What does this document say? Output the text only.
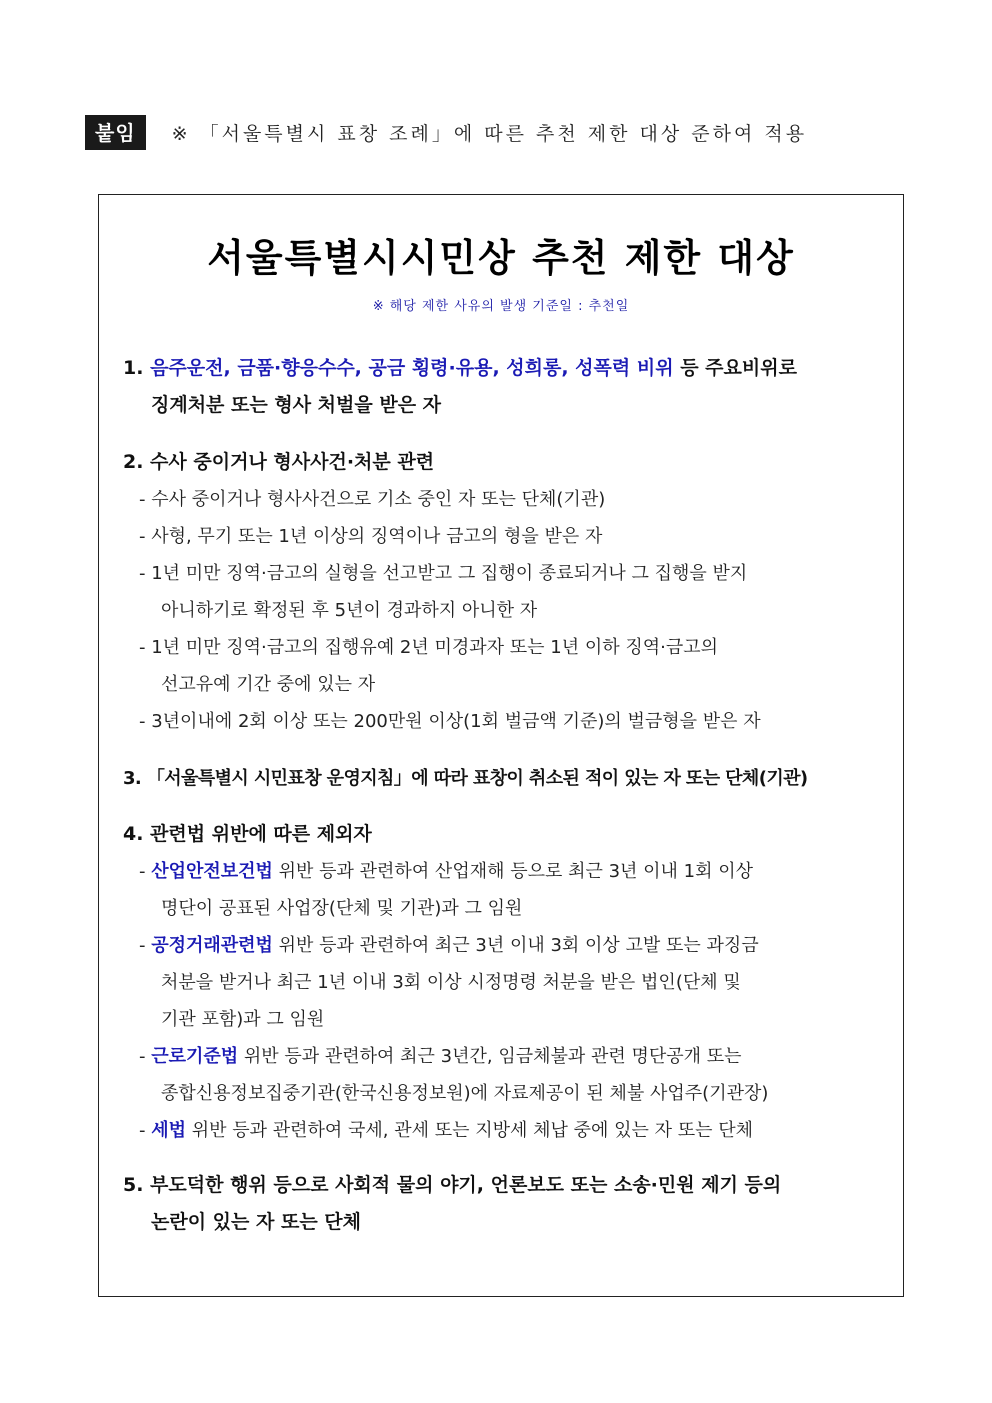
붙임	※ 「서울특별시 표창 조례」에 따른 추천 제한 대상 준하여 적용
서울특별시시민상 추천 제한 대상
※ 해당 제한 사유의 발생 기준일 : 추천일
1. 음주운전, 금품·향응수수, 공금 횡령·유용, 성희롱, 성폭력 비위 등 주요비위로
징계처분 또는 형사 처벌을 받은 자
2. 수사 중이거나 형사사건·처분 관련
- 수사 중이거나 형사사건으로 기소 중인 자 또는 단체(기관)
- 사형, 무기 또는 1년 이상의 징역이나 금고의 형을 받은 자
- 1년 미만 징역·금고의 실형을 선고받고 그 집행이 종료되거나 그 집행을 받지
아니하기로 확정된 후 5년이 경과하지 아니한 자
- 1년 미만 징역·금고의 집행유예 2년 미경과자 또는 1년 이하 징역·금고의
선고유예 기간 중에 있는 자
- 3년이내에 2회 이상 또는 200만원 이상(1회 벌금액 기준)의 벌금형을 받은 자
3. 「서울특별시 시민표창 운영지침」에 따라 표창이 취소된 적이 있는 자 또는 단체(기관)
4. 관련법 위반에 따른 제외자
- 산업안전보건법 위반 등과 관련하여 산업재해 등으로 최근 3년 이내 1회 이상
명단이 공표된 사업장(단체 및 기관)과 그 임원
- 공정거래관련법 위반 등과 관련하여 최근 3년 이내 3회 이상 고발 또는 과징금
처분을 받거나 최근 1년 이내 3회 이상 시정명령 처분을 받은 법인(단체 및
기관 포함)과 그 임원
- 근로기준법 위반 등과 관련하여 최근 3년간, 임금체불과 관련 명단공개 또는
종합신용정보집중기관(한국신용정보원)에 자료제공이 된 체불 사업주(기관장)
- 세법 위반 등과 관련하여 국세, 관세 또는 지방세 체납 중에 있는 자 또는 단체
5. 부도덕한 행위 등으로 사회적 물의 야기, 언론보도 또는 소송·민원 제기 등의
논란이 있는 자 또는 단체
